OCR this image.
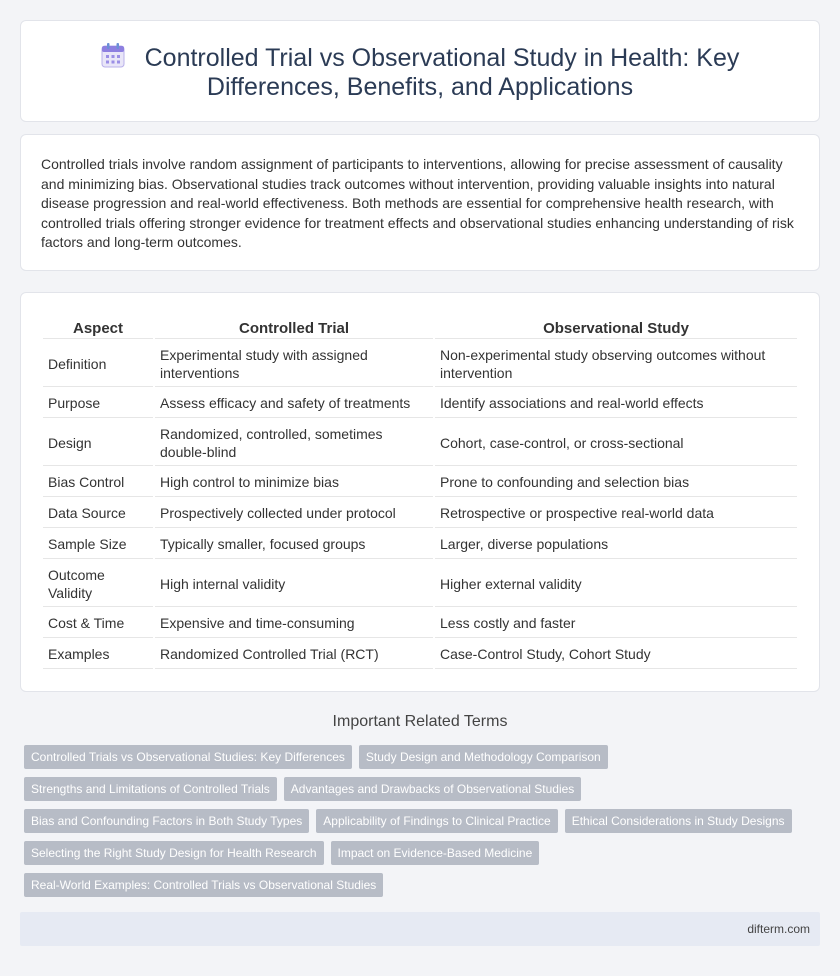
Controlled Trial vs Observational Study in Health: Key Differences, Benefits, and Applications

Controlled trials involve random assignment of participants to interventions, allowing for precise assessment of causality and minimizing bias. Observational studies track outcomes without intervention, providing valuable insights into natural disease progression and real-world effectiveness. Both methods are essential for comprehensive health research, with controlled trials offering stronger evidence for treatment effects and observational studies enhancing understanding of risk factors and long-term outcomes.

Aspect	Controlled Trial	Observational Study
Definition	Experimental study with assigned interventions	Non-experimental study observing outcomes without intervention
Purpose	Assess efficacy and safety of treatments	Identify associations and real-world effects
Design	Randomized, controlled, sometimes double-blind	Cohort, case-control, or cross-sectional
Bias Control	High control to minimize bias	Prone to confounding and selection bias
Data Source	Prospectively collected under protocol	Retrospective or prospective real-world data
Sample Size	Typically smaller, focused groups	Larger, diverse populations
Outcome Validity	High internal validity	Higher external validity
Cost & Time	Expensive and time-consuming	Less costly and faster
Examples	Randomized Controlled Trial (RCT)	Case-Control Study, Cohort Study
Important Related Terms
Controlled Trials vs Observational Studies: Key Differences	Study Design and Methodology Comparison
Strengths and Limitations of Controlled Trials	Advantages and Drawbacks of Observational Studies
Bias and Confounding Factors in Both Study Types	Applicability of Findings to Clinical Practice	Ethical Considerations in Study Designs
Selecting the Right Study Design for Health Research	Impact on Evidence-Based Medicine
Real-World Examples: Controlled Trials vs Observational Studies
difterm.com
